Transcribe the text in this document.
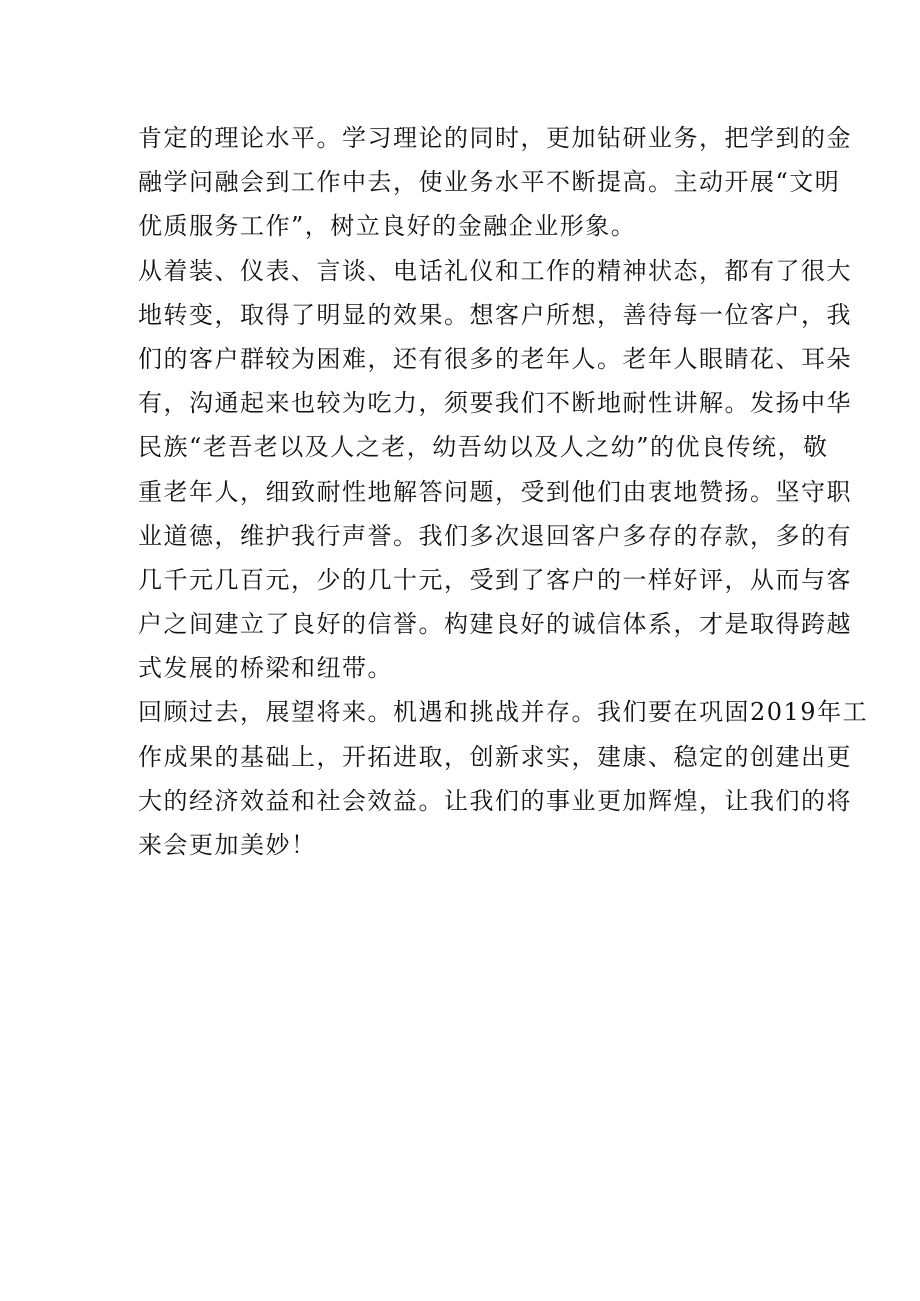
肯定的理论水平。学习理论的同时，更加钻研业务，把学到的金
融学问融会到工作中去，使业务水平不断提高。主动开展“文明
优质服务工作”，树立良好的金融企业形象。
从着装、仪表、言谈、电话礼仪和工作的精神状态，都有了很大
地转变，取得了明显的效果。想客户所想，善待每一位客户，我
们的客户群较为困难，还有很多的老年人。老年人眼睛花、耳朵
有，沟通起来也较为吃力，须要我们不断地耐性讲解。发扬中华
民族“老吾老以及人之老，幼吾幼以及人之幼”的优良传统，敬
重老年人，细致耐性地解答问题，受到他们由衷地赞扬。坚守职
业道德，维护我行声誉。我们多次退回客户多存的存款，多的有
几千元几百元，少的几十元，受到了客户的一样好评，从而与客
户之间建立了良好的信誉。构建良好的诚信体系，才是取得跨越
式发展的桥梁和纽带。
回顾过去，展望将来。机遇和挑战并存。我们要在巩固2019年工
作成果的基础上，开拓进取，创新求实，建康、稳定的创建出更
大的经济效益和社会效益。让我们的事业更加辉煌，让我们的将
来会更加美妙！
